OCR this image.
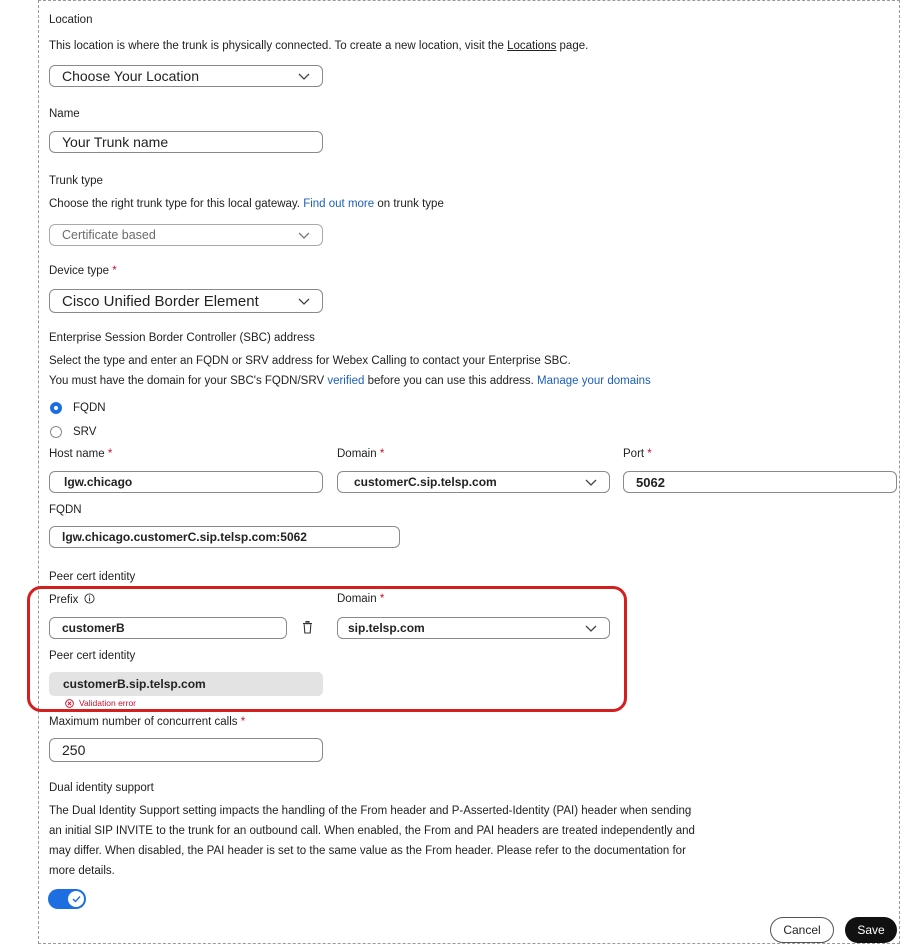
Location
This location is where the trunk is physically connected. To create a new location, visit the Locations page.
Choose Your Location
Name
Your Trunk name
Trunk type
Choose the right trunk type for this local gateway. Find out more on trunk type
Certificate based
Device type *
Cisco Unified Border Element
Enterprise Session Border Controller (SBC) address
Select the type and enter an FQDN or SRV address for Webex Calling to contact your Enterprise SBC.
You must have the domain for your SBC's FQDN/SRV verified before you can use this address. Manage your domains
FQDN
SRV
Host name *	Domain *	Port *
lgw.chicago	customerC.sip.telsp.com	5062
FQDN
lgw.chicago.customerC.sip.telsp.com:5062
Peer cert identity
Prefix	Domain *
customerB	sip.telsp.com
Peer cert identity
customerB.sip.telsp.com
Validation error
Maximum number of concurrent calls *
250
Dual identity support
The Dual Identity Support setting impacts the handling of the From header and P-Asserted-Identity (PAI) header when sending
an initial SIP INVITE to the trunk for an outbound call. When enabled, the From and PAI headers are treated independently and
may differ. When disabled, the PAI header is set to the same value as the From header. Please refer to the documentation for
more details.
Cancel	Save
